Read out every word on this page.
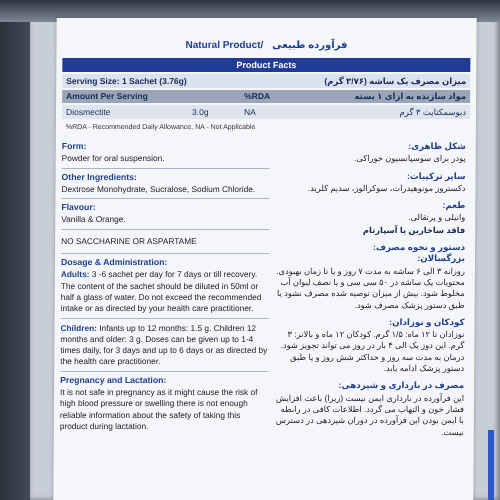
Natural Product/ فرآورده طبیعی
Product Facts
Serving Size: 1 Sachet (3.76g)	میزان مصرف یک ساشه (۳/۷۶ گرم)
Amount Per Serving	%RDA	مواد سازنده به ازای ۱ بسته
Diosmectite	3.0g	NA	دیوسمکتایت ۳ گرم
%RDA - Recommended Daily Allowance, NA - Not Applicable
Form:

Powder for oral suspension.

Other Ingredients:

Dextrose Monohydrate, Sucralose, Sodium Chloride.

Flavour:

Vanilla & Orange.

NO SACCHARINE OR ASPARTAME
Dosage & Administration:

Adults: 3 -6 sachet per day for 7 days or till recovery. The content of the sachet should be diluted in 50ml or half a glass of water. Do not exceed the recommended intake or as directed by your health care practitioner.

Children: Infants up to 12 months: 1.5 g. Children 12 months and older: 3 g. Doses can be given up to 1-4 times daily, for 3 days and up to 6 days or as directed by the health care practitioner.

Pregnancy and Lactation:

It is not safe in pregnancy as it might cause the risk of high blood pressure or swelling there is not enough reliable information about the safety of taking this product during lactation.

شکل ظاهری:

پودر برای سوسپانسیون خوراکی.

سایر ترکیبات:

دکستروز مونوهیدرات، سوکرالوز، سدیم کلرید.

طعم:

وانیلی و پرتقالی.

فاقد ساخارین یا آسپارتام

دستور و نحوه مصرف:
بزرگسالان:

روزانه ۳ الی ۶ ساشه به مدت ۷ روز و یا تا زمان بهبودی. محتویات یک ساشه در ۵۰ سی سی و یا نصف لیوان آب مخلوط شود. بیش از میزان توصیه شده مصرف نشود یا طبق دستور پزشک مصرف شود.

کودکان و نوزادان:

نوزادان تا ۱۲ ماه: ۱/۵ گرم. کودکان ۱۲ ماه و بالاتر: ۳ گرم. این دوز یک الی ۴ بار در روز می تواند تجویز شود. درمان به مدت سه روز و حداکثر شش روز و یا طبق دستور پزشک ادامه یابد.

مصرف در بارداری و شیردهی:

این فرآورده در بارداری ایمن نیست (زیرا) باعث افزایش فشار خون و التهاب می گردد. اطلاعات کافی در رابطه با ایمن بودن این فرآورده در دوران شیردهی در دسترس نیست.
